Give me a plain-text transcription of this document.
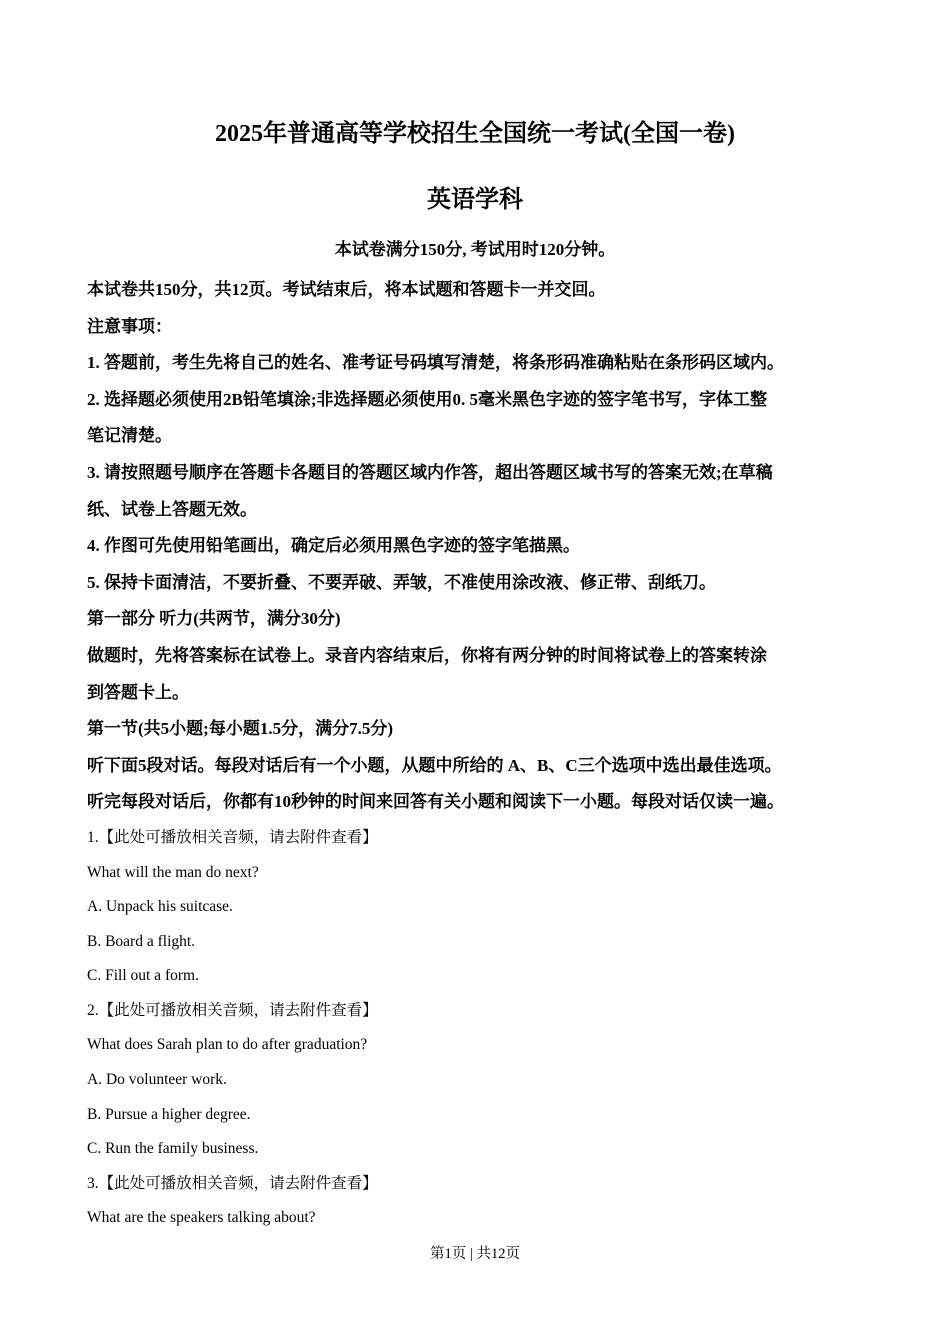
2025年普通高等学校招生全国统一考试(全国一卷)
英语学科
本试卷满分150分, 考试用时120分钟。

本试卷共150分，共12页。考试结束后，将本试题和答题卡一并交回。

注意事项：

1. 答题前，考生先将自己的姓名、准考证号码填写清楚，将条形码准确粘贴在条形码区域内。

2. 选择题必须使用2B铅笔填涂;非选择题必须使用0. 5毫米黑色字迹的签字笔书写，字体工整

笔记清楚。

3. 请按照题号顺序在答题卡各题目的答题区域内作答，超出答题区域书写的答案无效;在草稿

纸、试卷上答题无效。

4. 作图可先使用铅笔画出，确定后必须用黑色字迹的签字笔描黑。

5. 保持卡面清洁，不要折叠、不要弄破、弄皱，不准使用涂改液、修正带、刮纸刀。

第一部分 听力(共两节，满分30分)

做题时，先将答案标在试卷上。录音内容结束后，你将有两分钟的时间将试卷上的答案转涂

到答题卡上。

第一节(共5小题;每小题1.5分，满分7.5分)

听下面5段对话。每段对话后有一个小题，从题中所给的 A、B、C三个选项中选出最佳选项。

听完每段对话后，你都有10秒钟的时间来回答有关小题和阅读下一小题。每段对话仅读一遍。

1.【此处可播放相关音频，请去附件查看】

What will the man do next?

A. Unpack his suitcase.

B. Board a flight.

C. Fill out a form.

2.【此处可播放相关音频，请去附件查看】

What does Sarah plan to do after graduation?

A. Do volunteer work.

B. Pursue a higher degree.

C. Run the family business.

3.【此处可播放相关音频，请去附件查看】

What are the speakers talking about?

第1页 | 共12页
